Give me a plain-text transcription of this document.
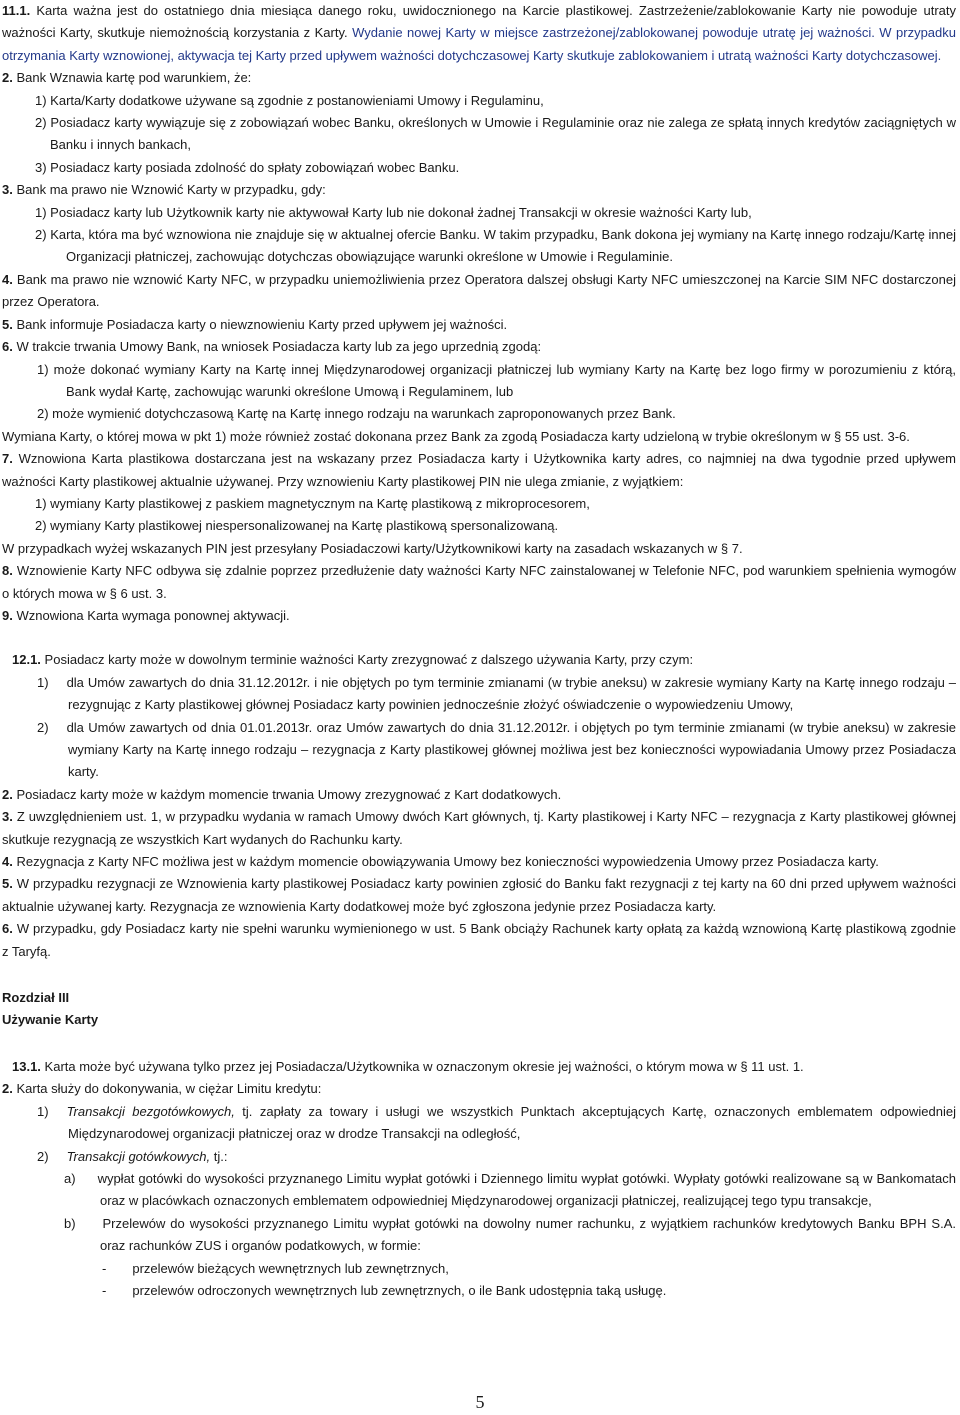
11.1. Karta ważna jest do ostatniego dnia miesiąca danego roku, uwidocznionego na Karcie plastikowej. Zastrzeżenie/zablokowanie Karty nie powoduje utraty ważności Karty, skutkuje niemożnością korzystania z Karty. Wydanie nowej Karty w miejsce zastrzeżonej/zablokowanej powoduje utratę jej ważności. W przypadku otrzymania Karty wznowionej, aktywacja tej Karty przed upływem ważności dotychczasowej Karty skutkuje zablokowaniem i utratą ważności Karty dotychczasowej.

2. Bank Wznawia kartę pod warunkiem, że:

1) Karta/Karty dodatkowe używane są zgodnie z postanowieniami Umowy i Regulaminu,

2) Posiadacz karty wywiązuje się z zobowiązań wobec Banku, określonych w Umowie i Regulaminie oraz nie zalega ze spłatą innych kredytów zaciągniętych w Banku i innych bankach,

3) Posiadacz karty posiada zdolność do spłaty zobowiązań wobec Banku.

3. Bank ma prawo nie Wznowić Karty w przypadku, gdy:

1) Posiadacz karty lub Użytkownik karty nie aktywował Karty lub nie dokonał żadnej Transakcji w okresie ważności Karty lub,

2) Karta, która ma być wznowiona nie znajduje się w aktualnej ofercie Banku. W takim przypadku, Bank dokona jej wymiany na Kartę innego rodzaju/Kartę innej Organizacji płatniczej, zachowując dotychczas obowiązujące warunki określone w Umowie i Regulaminie.

4. Bank ma prawo nie wznowić Karty NFC, w przypadku uniemożliwienia przez Operatora dalszej obsługi Karty NFC umieszczonej na Karcie SIM NFC dostarczonej przez Operatora.

5. Bank informuje Posiadacza karty o niewznowieniu Karty przed upływem jej ważności.

6. W trakcie trwania Umowy Bank, na wniosek Posiadacza karty lub za jego uprzednią zgodą:

1) może dokonać wymiany Karty na Kartę innej Międzynarodowej organizacji płatniczej lub wymiany Karty na Kartę bez logo firmy w porozumieniu z którą, Bank wydał Kartę, zachowując warunki określone Umową i Regulaminem, lub

2) może wymienić dotychczasową Kartę na Kartę innego rodzaju na warunkach zaproponowanych przez Bank.

Wymiana Karty, o której mowa w pkt 1) może również zostać dokonana przez Bank za zgodą Posiadacza karty udzieloną w trybie określonym w § 55 ust. 3-6.

7. Wznowiona Karta plastikowa dostarczana jest na wskazany przez Posiadacza karty i Użytkownika karty adres, co najmniej na dwa tygodnie przed upływem ważności Karty plastikowej aktualnie używanej. Przy wznowieniu Karty plastikowej PIN nie ulega zmianie, z wyjątkiem:

1) wymiany Karty plastikowej z paskiem magnetycznym na Kartę plastikową z mikroprocesorem,

2) wymiany Karty plastikowej niespersonalizowanej na Kartę plastikową spersonalizowaną.

W przypadkach wyżej wskazanych PIN jest przesyłany Posiadaczowi karty/Użytkownikowi karty na zasadach wskazanych w § 7.

8. Wznowienie Karty NFC odbywa się zdalnie poprzez przedłużenie daty ważności Karty NFC zainstalowanej w Telefonie NFC, pod warunkiem spełnienia wymogów o których mowa w § 6 ust. 3.

9. Wznowiona Karta wymaga ponownej aktywacji.

12.1. Posiadacz karty może w dowolnym terminie ważności Karty zrezygnować z dalszego używania Karty, przy czym:

1) dla Umów zawartych do dnia 31.12.2012r. i nie objętych po tym terminie zmianami (w trybie aneksu) w zakresie wymiany Karty na Kartę innego rodzaju – rezygnując z Karty plastikowej głównej Posiadacz karty powinien jednocześnie złożyć oświadczenie o wypowiedzeniu Umowy,

2) dla Umów zawartych od dnia 01.01.2013r. oraz Umów zawartych do dnia 31.12.2012r. i objętych po tym terminie zmianami (w trybie aneksu) w zakresie wymiany Karty na Kartę innego rodzaju – rezygnacja z Karty plastikowej głównej możliwa jest bez konieczności wypowiadania Umowy przez Posiadacza karty.

2. Posiadacz karty może w każdym momencie trwania Umowy zrezygnować z Kart dodatkowych.

3. Z uwzględnieniem ust. 1, w przypadku wydania w ramach Umowy dwóch Kart głównych, tj. Karty plastikowej i Karty NFC – rezygnacja z Karty plastikowej głównej skutkuje rezygnacją ze wszystkich Kart wydanych do Rachunku karty.

4. Rezygnacja z Karty NFC możliwa jest w każdym momencie obowiązywania Umowy bez konieczności wypowiedzenia Umowy przez Posiadacza karty.

5. W przypadku rezygnacji ze Wznowienia karty plastikowej Posiadacz karty powinien zgłosić do Banku fakt rezygnacji z tej karty na 60 dni przed upływem ważności aktualnie używanej karty. Rezygnacja ze wznowienia Karty dodatkowej może być zgłoszona jedynie przez Posiadacza karty.

6. W przypadku, gdy Posiadacz karty nie spełni warunku wymienionego w ust. 5 Bank obciąży Rachunek karty opłatą za każdą wznowioną Kartę plastikową zgodnie z Taryfą.

Rozdział III

Używanie Karty

13.1. Karta może być używana tylko przez jej Posiadacza/Użytkownika w oznaczonym okresie jej ważności, o którym mowa w § 11 ust. 1.

2. Karta służy do dokonywania, w ciężar Limitu kredytu:

1) Transakcji bezgotówkowych, tj. zapłaty za towary i usługi we wszystkich Punktach akceptujących Kartę, oznaczonych emblematem odpowiedniej Międzynarodowej organizacji płatniczej oraz w drodze Transakcji na odległość,

2) Transakcji gotówkowych, tj.:

a) wypłat gotówki do wysokości przyznanego Limitu wypłat gotówki i Dziennego limitu wypłat gotówki. Wypłaty gotówki realizowane są w Bankomatach oraz w placówkach oznaczonych emblematem odpowiedniej Międzynarodowej organizacji płatniczej, realizującej tego typu transakcje,

b) Przelewów do wysokości przyznanego Limitu wypłat gotówki na dowolny numer rachunku, z wyjątkiem rachunków kredytowych Banku BPH S.A. oraz rachunków ZUS i organów podatkowych, w formie:

- przelewów bieżących wewnętrznych lub zewnętrznych,

- przelewów odroczonych wewnętrznych lub zewnętrznych, o ile Bank udostępnia taką usługę.

5
